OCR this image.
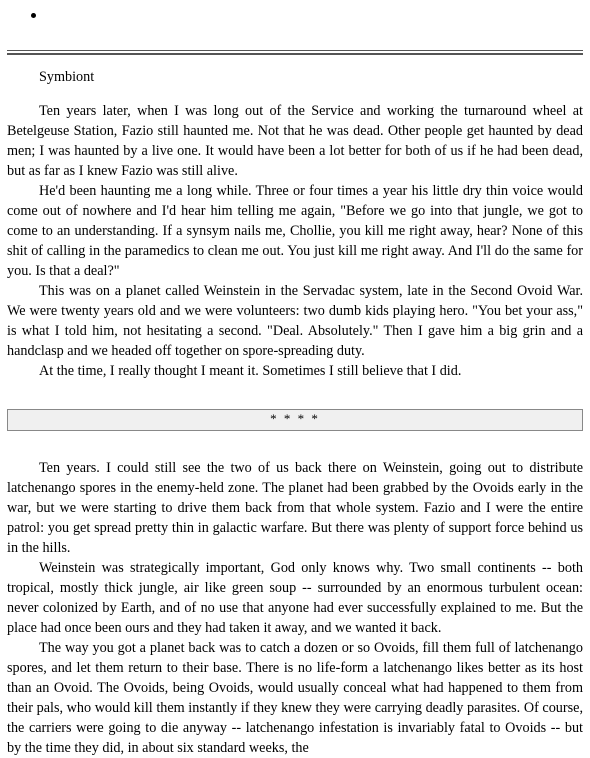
Symbiont

Ten years later, when I was long out of the Service and working the turnaround wheel at Betelgeuse Station, Fazio still haunted me. Not that he was dead. Other people get haunted by dead men; I was haunted by a live one. It would have been a lot better for both of us if he had been dead, but as far as I knew Fazio was still alive.

He'd been haunting me a long while. Three or four times a year his little dry thin voice would come out of nowhere and I'd hear him telling me again, "Before we go into that jungle, we got to come to an understanding. If a synsym nails me, Chollie, you kill me right away, hear? None of this shit of calling in the paramedics to clean me out. You just kill me right away. And I'll do the same for you. Is that a deal?"

This was on a planet called Weinstein in the Servadac system, late in the Second Ovoid War. We were twenty years old and we were volunteers: two dumb kids playing hero. "You bet your ass," is what I told him, not hesitating a second. "Deal. Absolutely." Then I gave him a big grin and a handclasp and we headed off together on spore-spreading duty.

At the time, I really thought I meant it. Sometimes I still believe that I did.

* * * *

Ten years. I could still see the two of us back there on Weinstein, going out to distribute latchenango spores in the enemy-held zone. The planet had been grabbed by the Ovoids early in the war, but we were starting to drive them back from that whole system. Fazio and I were the entire patrol: you get spread pretty thin in galactic warfare. But there was plenty of support force behind us in the hills.

Weinstein was strategically important, God only knows why. Two small continents -- both tropical, mostly thick jungle, air like green soup -- surrounded by an enormous turbulent ocean: never colonized by Earth, and of no use that anyone had ever successfully explained to me. But the place had once been ours and they had taken it away, and we wanted it back.

The way you got a planet back was to catch a dozen or so Ovoids, fill them full of latchenango spores, and let them return to their base. There is no life-form a latchenango likes better as its host than an Ovoid. The Ovoids, being Ovoids, would usually conceal what had happened to them from their pals, who would kill them instantly if they knew they were carrying deadly parasites. Of course, the carriers were going to die anyway -- latchenango infestation is invariably fatal to Ovoids -- but by the time they did, in about six standard weeks, the
